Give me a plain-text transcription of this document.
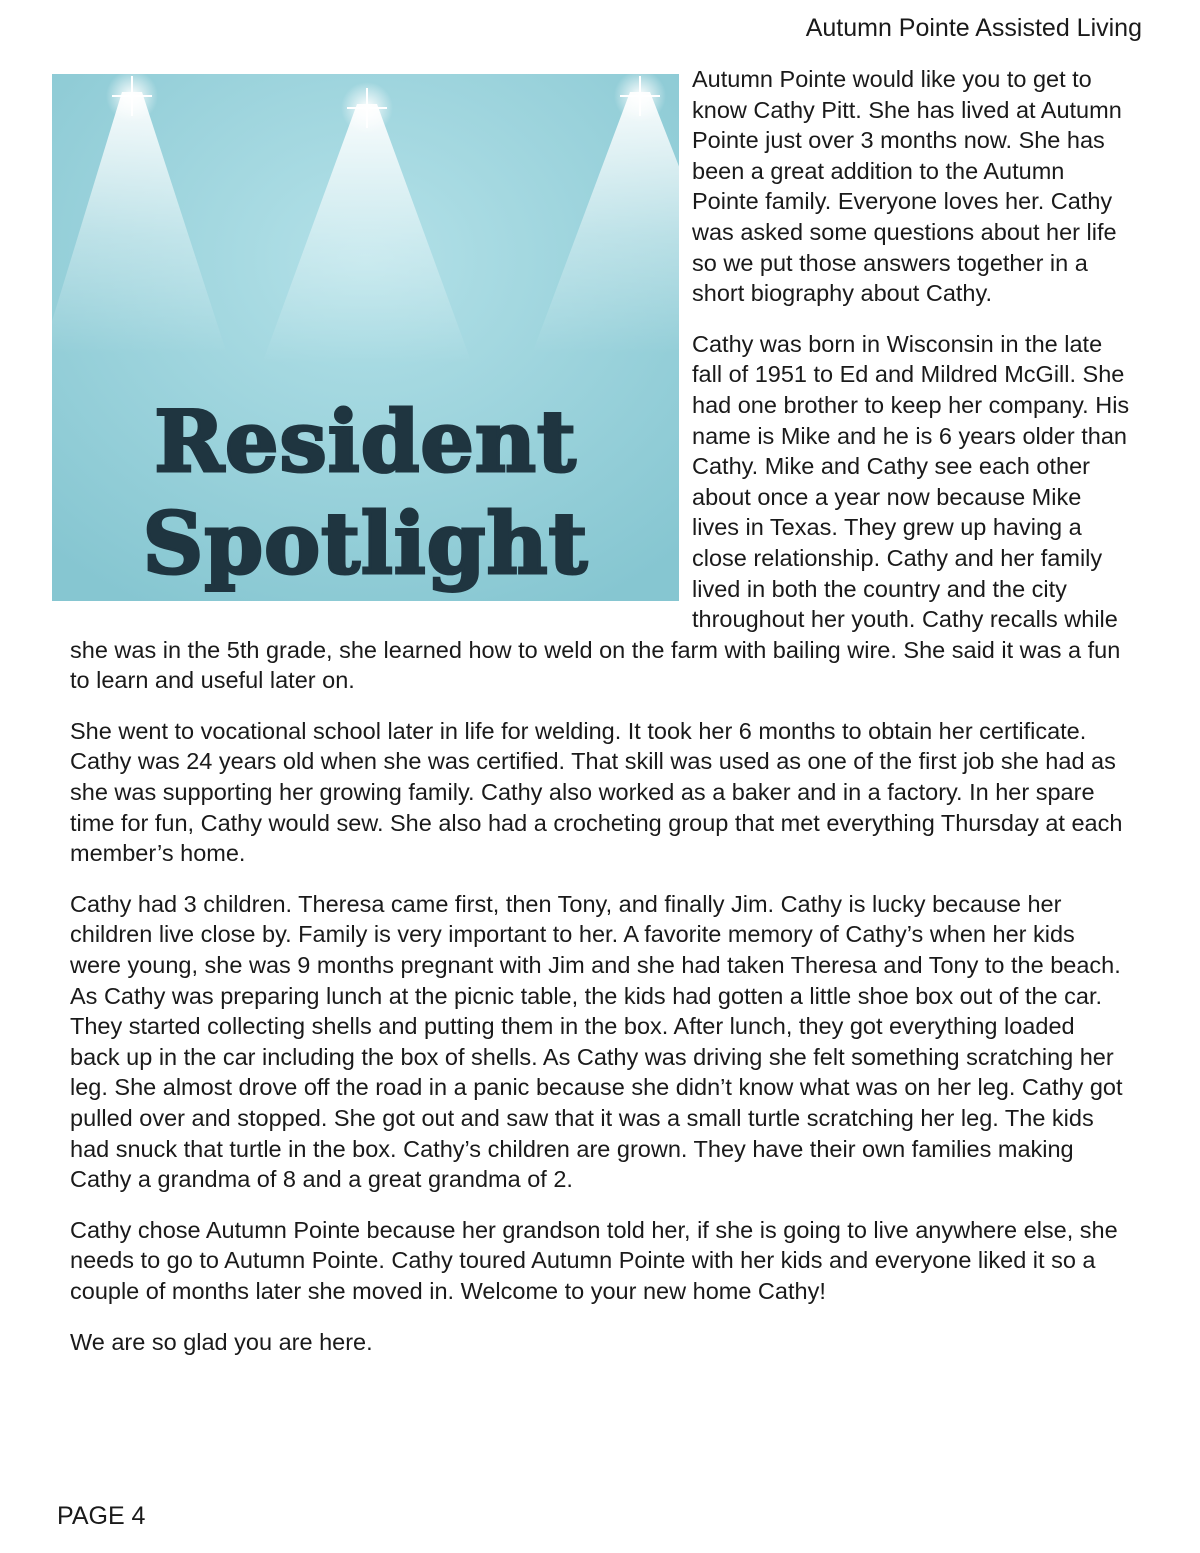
Autumn Pointe Assisted Living
Resident
Spotlight

Autumn Pointe would like you to get to know Cathy Pitt. She has lived at Autumn Pointe just over 3 months now. She has been a great addition to the Autumn Pointe family. Everyone loves her. Cathy was asked some questions about her life so we put those answers together in a short biography about Cathy.

Cathy was born in Wisconsin in the late fall of 1951 to Ed and Mildred McGill. She had one brother to keep her company. His name is Mike and he is 6 years older than Cathy. Mike and Cathy see each other about once a year now because Mike lives in Texas. They grew up having a close relationship. Cathy and her family lived in both the country and the city throughout her youth. Cathy recalls while she was in the 5th grade, she learned how to weld on the farm with bailing wire. She said it was a fun to learn and useful later on.

She went to vocational school later in life for welding. It took her 6 months to obtain her certificate. Cathy was 24 years old when she was certified. That skill was used as one of the first job she had as she was supporting her growing family. Cathy also worked as a baker and in a factory. In her spare time for fun, Cathy would sew. She also had a crocheting group that met everything Thursday at each member’s home.

Cathy had 3 children. Theresa came first, then Tony, and finally Jim. Cathy is lucky because her children live close by. Family is very important to her. A favorite memory of Cathy’s when her kids were young, she was 9 months pregnant with Jim and she had taken Theresa and Tony to the beach. As Cathy was preparing lunch at the picnic table, the kids had gotten a little shoe box out of the car. They started collecting shells and putting them in the box. After lunch, they got everything loaded back up in the car including the box of shells. As Cathy was driving she felt something scratching her leg. She almost drove off the road in a panic because she didn’t know what was on her leg. Cathy got pulled over and stopped. She got out and saw that it was a small turtle scratching her leg. The kids had snuck that turtle in the box. Cathy’s children are grown. They have their own families making Cathy a grandma of 8 and a great grandma of 2.

Cathy chose Autumn Pointe because her grandson told her, if she is going to live anywhere else, she needs to go to Autumn Pointe. Cathy toured Autumn Pointe with her kids and everyone liked it so a couple of months later she moved in. Welcome to your new home Cathy!

We are so glad you are here.

PAGE 4
